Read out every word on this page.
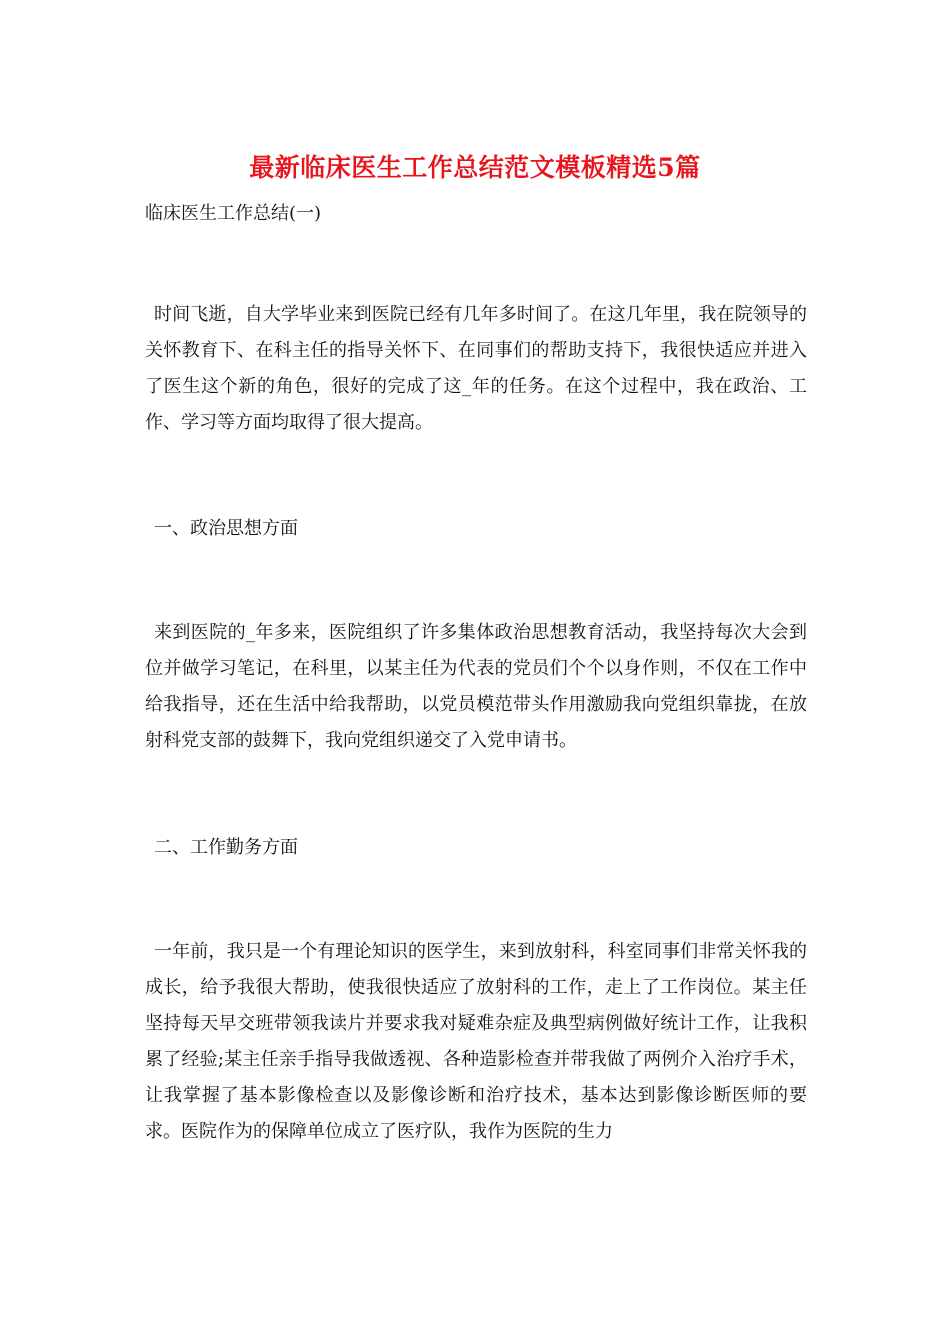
最新临床医生工作总结范文模板精选5篇
临床医生工作总结(一)
时间飞逝，自大学毕业来到医院已经有几年多时间了。在这几年里，我在院领导的关怀教育下、在科主任的指导关怀下、在同事们的帮助支持下，我很快适应并进入了医生这个新的角色，很好的完成了这_年的任务。在这个过程中，我在政治、工作、学习等方面均取得了很大提高。
一、政治思想方面
来到医院的_年多来，医院组织了许多集体政治思想教育活动，我坚持每次大会到位并做学习笔记，在科里，以某主任为代表的党员们个个以身作则，不仅在工作中给我指导，还在生活中给我帮助，以党员模范带头作用激励我向党组织靠拢，在放射科党支部的鼓舞下，我向党组织递交了入党申请书。
二、工作勤务方面
一年前，我只是一个有理论知识的医学生，来到放射科，科室同事们非常关怀我的成长，给予我很大帮助，使我很快适应了放射科的工作，走上了工作岗位。某主任坚持每天早交班带领我读片并要求我对疑难杂症及典型病例做好统计工作，让我积累了经验;某主任亲手指导我做透视、各种造影检查并带我做了两例介入治疗手术，让我掌握了基本影像检查以及影像诊断和治疗技术，基本达到影像诊断医师的要求。医院作为的保障单位成立了医疗队，我作为医院的生力
